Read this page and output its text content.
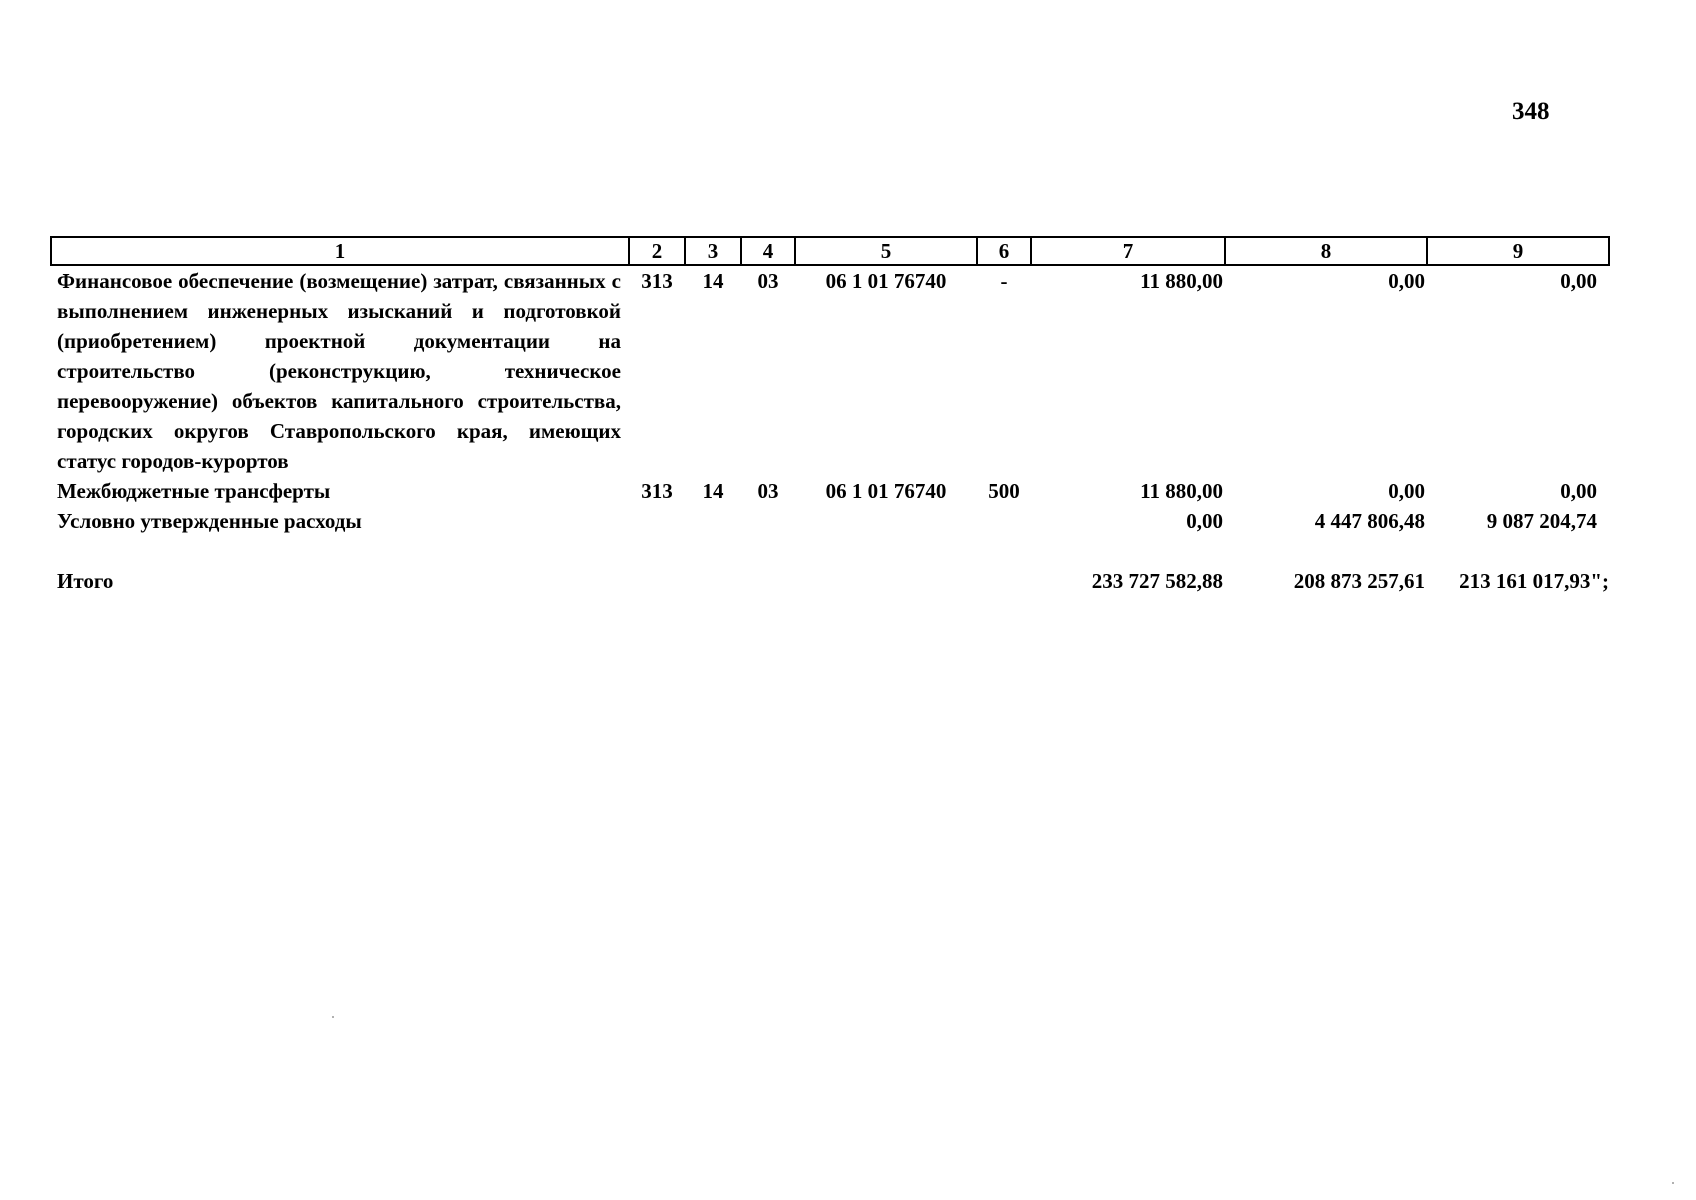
348
1	2	3	4	5	6	7	8	9
Финансовое обеспечение (возмещение) затрат, связанных с выполнением инженерных изысканий и подготовкой (приобретением) проектной документации на строительство (реконструкцию, техническое перевооружение) объектов капитального строительства, городских округов Ставропольского края, имеющих статус городов-курортов	313	14	03	06 1 01 76740	-	11 880,00	0,00	0,00
Межбюджетные трансферты	313	14	03	06 1 01 76740	500	11 880,00	0,00	0,00
Условно утвержденные расходы						0,00	4 447 806,48	9 087 204,74

Итого						233 727 582,88	208 873 257,61	213 161 017,93";
